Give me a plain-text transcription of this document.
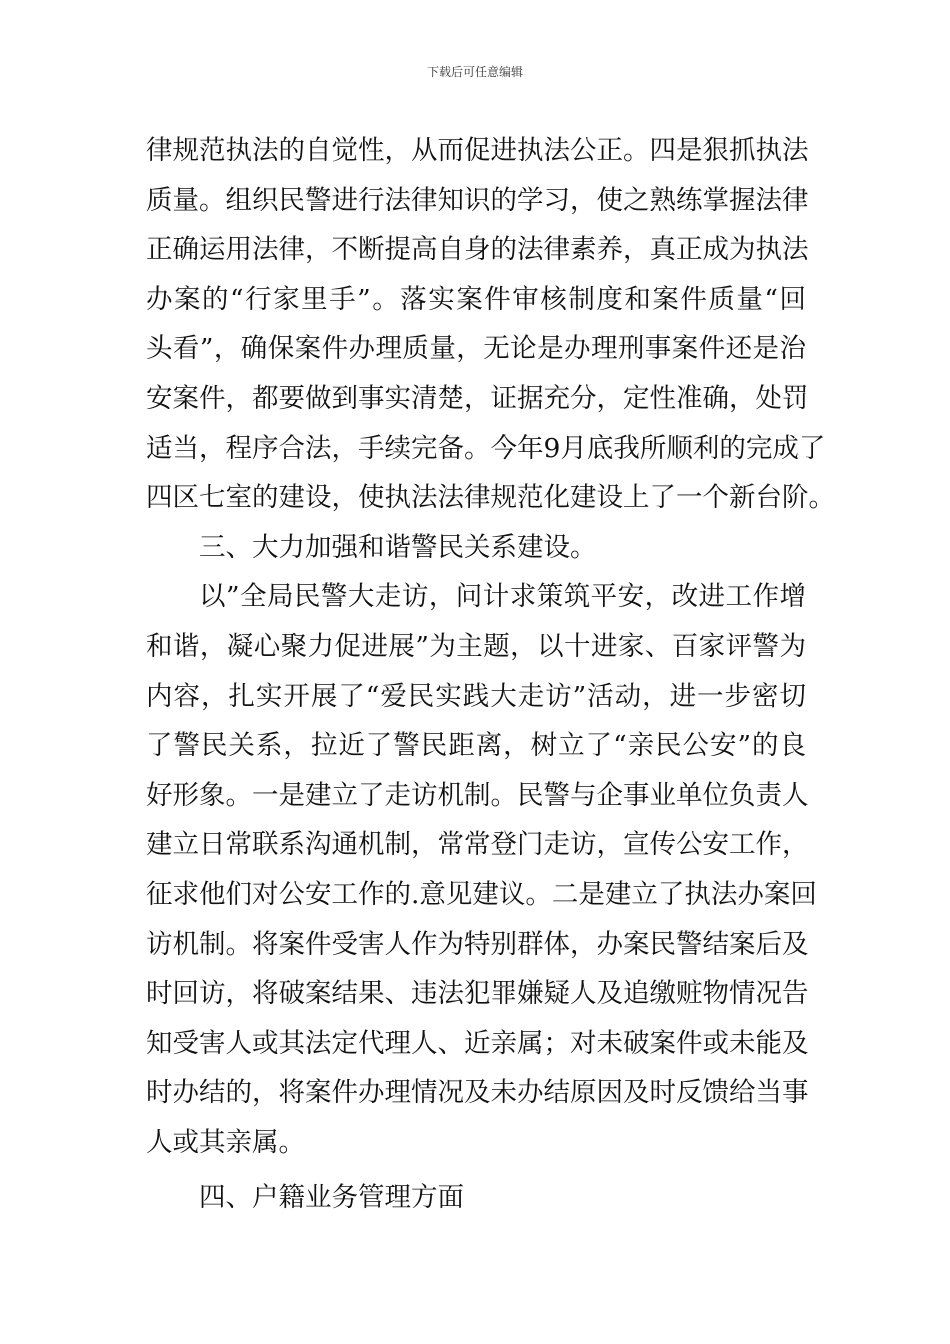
下载后可任意编辑
律规范执法的自觉性，从而促进执法公正。四是狠抓执法
质量。组织民警进行法律知识的学习，使之熟练掌握法律
正确运用法律，不断提高自身的法律素养，真正成为执法
办案的“行家里手”。落实案件审核制度和案件质量“回
头看”，确保案件办理质量，无论是办理刑事案件还是治
安案件，都要做到事实清楚，证据充分，定性准确，处罚
适当，程序合法，手续完备。今年9月底我所顺利的完成了
四区七室的建设，使执法法律规范化建设上了一个新台阶。
三、大力加强和谐警民关系建设。
以”全局民警大走访，问计求策筑平安，改进工作增
和谐，凝心聚力促进展”为主题，以十进家、百家评警为
内容，扎实开展了“爱民实践大走访”活动，进一步密切
了警民关系，拉近了警民距离，树立了“亲民公安”的良
好形象。一是建立了走访机制。民警与企事业单位负责人
建立日常联系沟通机制，常常登门走访，宣传公安工作，
征求他们对公安工作的.意见建议。二是建立了执法办案回
访机制。将案件受害人作为特别群体，办案民警结案后及
时回访，将破案结果、违法犯罪嫌疑人及追缴赃物情况告
知受害人或其法定代理人、近亲属；对未破案件或未能及
时办结的，将案件办理情况及未办结原因及时反馈给当事
人或其亲属。
四、户籍业务管理方面
